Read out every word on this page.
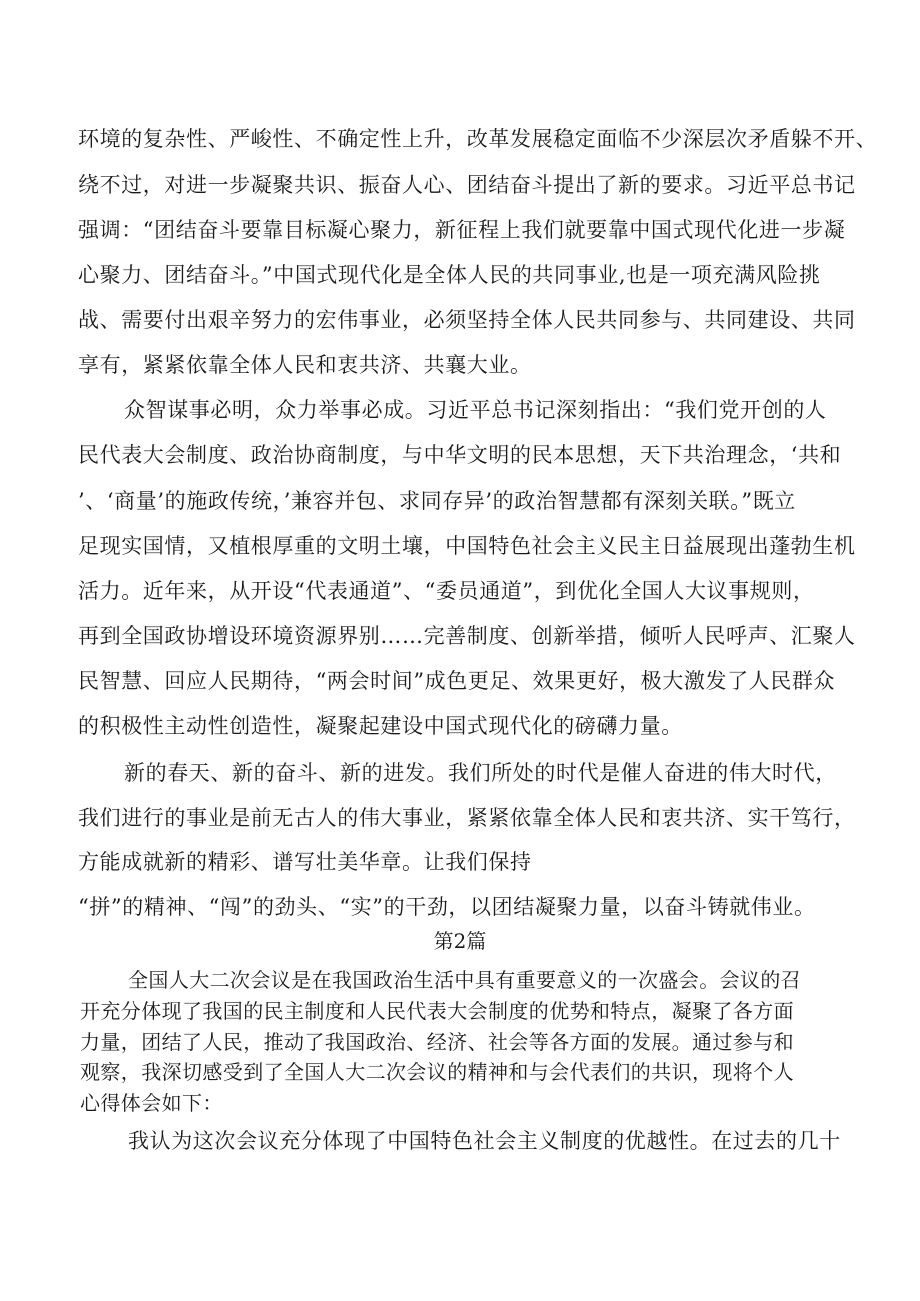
环境的复杂性、严峻性、不确定性上升，改革发展稳定面临不少深层次矛盾躲不开、
绕不过，对进一步凝聚共识、振奋人心、团结奋斗提出了新的要求。习近平总书记
强调：“团结奋斗要靠目标凝心聚力，新征程上我们就要靠中国式现代化进一步凝
心聚力、团结奋斗。”中国式现代化是全体人民的共同事业,也是一项充满风险挑
战、需要付出艰辛努力的宏伟事业，必须坚持全体人民共同参与、共同建设、共同
享有，紧紧依靠全体人民和衷共济、共襄大业。
众智谋事必明，众力举事必成。习近平总书记深刻指出：“我们党开创的人
民代表大会制度、政治协商制度，与中华文明的民本思想，天下共治理念，‘共和
’、‘商量’的施政传统，’兼容并包、求同存异’的政治智慧都有深刻关联。”既立
足现实国情，又植根厚重的文明土壤，中国特色社会主义民主日益展现出蓬勃生机
活力。近年来，从开设“代表通道”、“委员通道”，到优化全国人大议事规则，
再到全国政协增设环境资源界别……完善制度、创新举措，倾听人民呼声、汇聚人
民智慧、回应人民期待，“两会时间”成色更足、效果更好，极大激发了人民群众
的积极性主动性创造性，凝聚起建设中国式现代化的磅礴力量。
新的春天、新的奋斗、新的进发。我们所处的时代是催人奋进的伟大时代，
我们进行的事业是前无古人的伟大事业，紧紧依靠全体人民和衷共济、实干笃行，
方能成就新的精彩、谱写壮美华章。让我们保持
“拼”的精神、“闯”的劲头、“实”的干劲，以团结凝聚力量，以奋斗铸就伟业。
第2篇
全国人大二次会议是在我国政治生活中具有重要意义的一次盛会。会议的召
开充分体现了我国的民主制度和人民代表大会制度的优势和特点，凝聚了各方面
力量，团结了人民，推动了我国政治、经济、社会等各方面的发展。通过参与和
观察，我深切感受到了全国人大二次会议的精神和与会代表们的共识，现将个人
心得体会如下：
我认为这次会议充分体现了中国特色社会主义制度的优越性。在过去的几十
